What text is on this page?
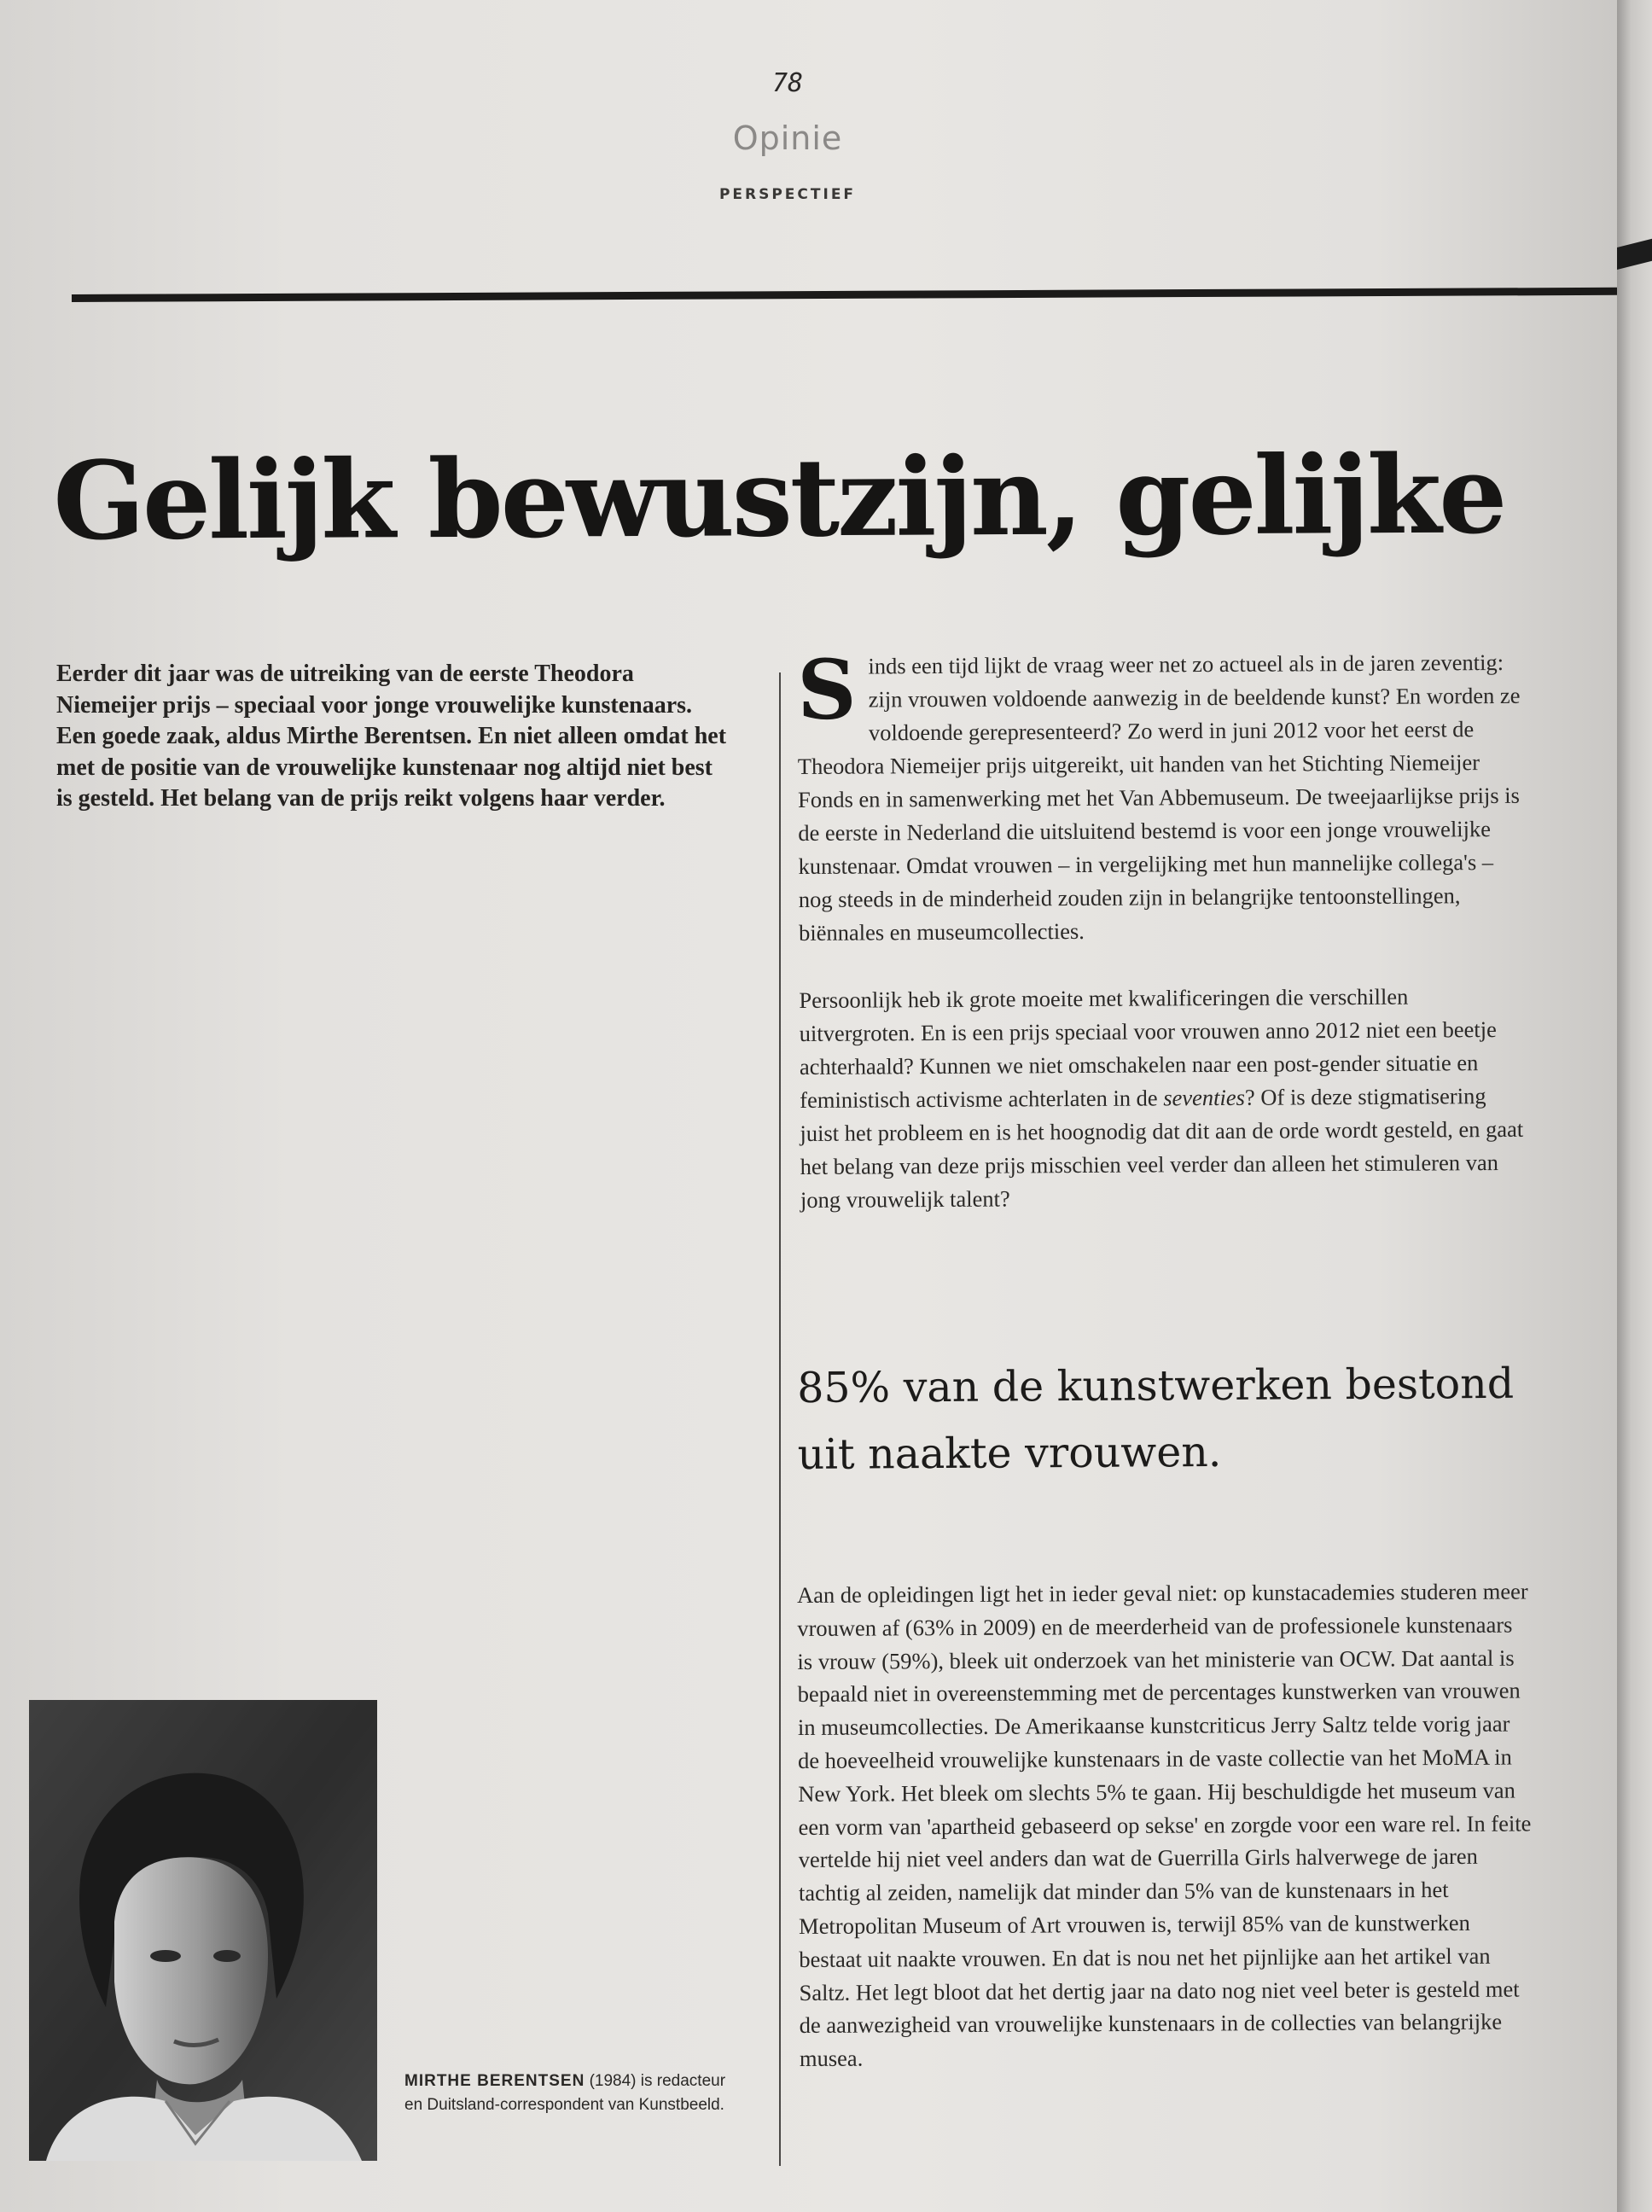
78
Opinie
PERSPECTIEF
Gelijk bewustzijn, gelijke
Eerder dit jaar was de uitreiking van de eerste Theodora Niemeijer prijs – speciaal voor jonge vrouwelijke kunstenaars. Een goede zaak, aldus Mirthe Berentsen. En niet alleen omdat het met de positie van de vrouwelijke kunstenaar nog altijd niet best is gesteld. Het belang van de prijs reikt volgens haar verder.

Sinds een tijd lijkt de vraag weer net zo actueel als in de jaren zeventig: zijn vrouwen voldoende aanwezig in de beeldende kunst? En worden ze voldoende gerepresenteerd? Zo werd in juni 2012 voor het eerst de Theodora Niemeijer prijs uitgereikt, uit handen van het Stichting Niemeijer Fonds en in samenwerking met het Van Abbemuseum. De tweejaarlijkse prijs is de eerste in Nederland die uitsluitend bestemd is voor een jonge vrouwelijke kunstenaar. Omdat vrouwen – in vergelijking met hun mannelijke collega's – nog steeds in de minderheid zouden zijn in belangrijke tentoonstellingen, biënnales en museumcollecties.

Persoonlijk heb ik grote moeite met kwalificeringen die verschillen uitvergroten. En is een prijs speciaal voor vrouwen anno 2012 niet een beetje achterhaald? Kunnen we niet omschakelen naar een post-gender situatie en feministisch activisme achterlaten in de seventies? Of is deze stigmatisering juist het probleem en is het hoognodig dat dit aan de orde wordt gesteld, en gaat het belang van deze prijs misschien veel verder dan alleen het stimuleren van jong vrouwelijk talent?

85% van de kunstwerken bestond uit naakte vrouwen.

Aan de opleidingen ligt het in ieder geval niet: op kunstacademies studeren meer vrouwen af (63% in 2009) en de meerderheid van de professionele kunstenaars is vrouw (59%), bleek uit onderzoek van het ministerie van OCW. Dat aantal is bepaald niet in overeenstemming met de percentages kunstwerken van vrouwen in museumcollecties. De Amerikaanse kunstcriticus Jerry Saltz telde vorig jaar de hoeveelheid vrouwelijke kunstenaars in de vaste collectie van het MoMA in New York. Het bleek om slechts 5% te gaan. Hij beschuldigde het museum van een vorm van 'apartheid gebaseerd op sekse' en zorgde voor een ware rel. In feite vertelde hij niet veel anders dan wat de Guerrilla Girls halverwege de jaren tachtig al zeiden, namelijk dat minder dan 5% van de kunstenaars in het Metropolitan Museum of Art vrouwen is, terwijl 85% van de kunstwerken bestaat uit naakte vrouwen. En dat is nou net het pijnlijke aan het artikel van Saltz. Het legt bloot dat het dertig jaar na dato nog niet veel beter is gesteld met de aanwezigheid van vrouwelijke kunstenaars in de collecties van belangrijke musea.

MIRTHE BERENTSEN (1984) is redacteur en Duitsland-correspondent van Kunstbeeld.
